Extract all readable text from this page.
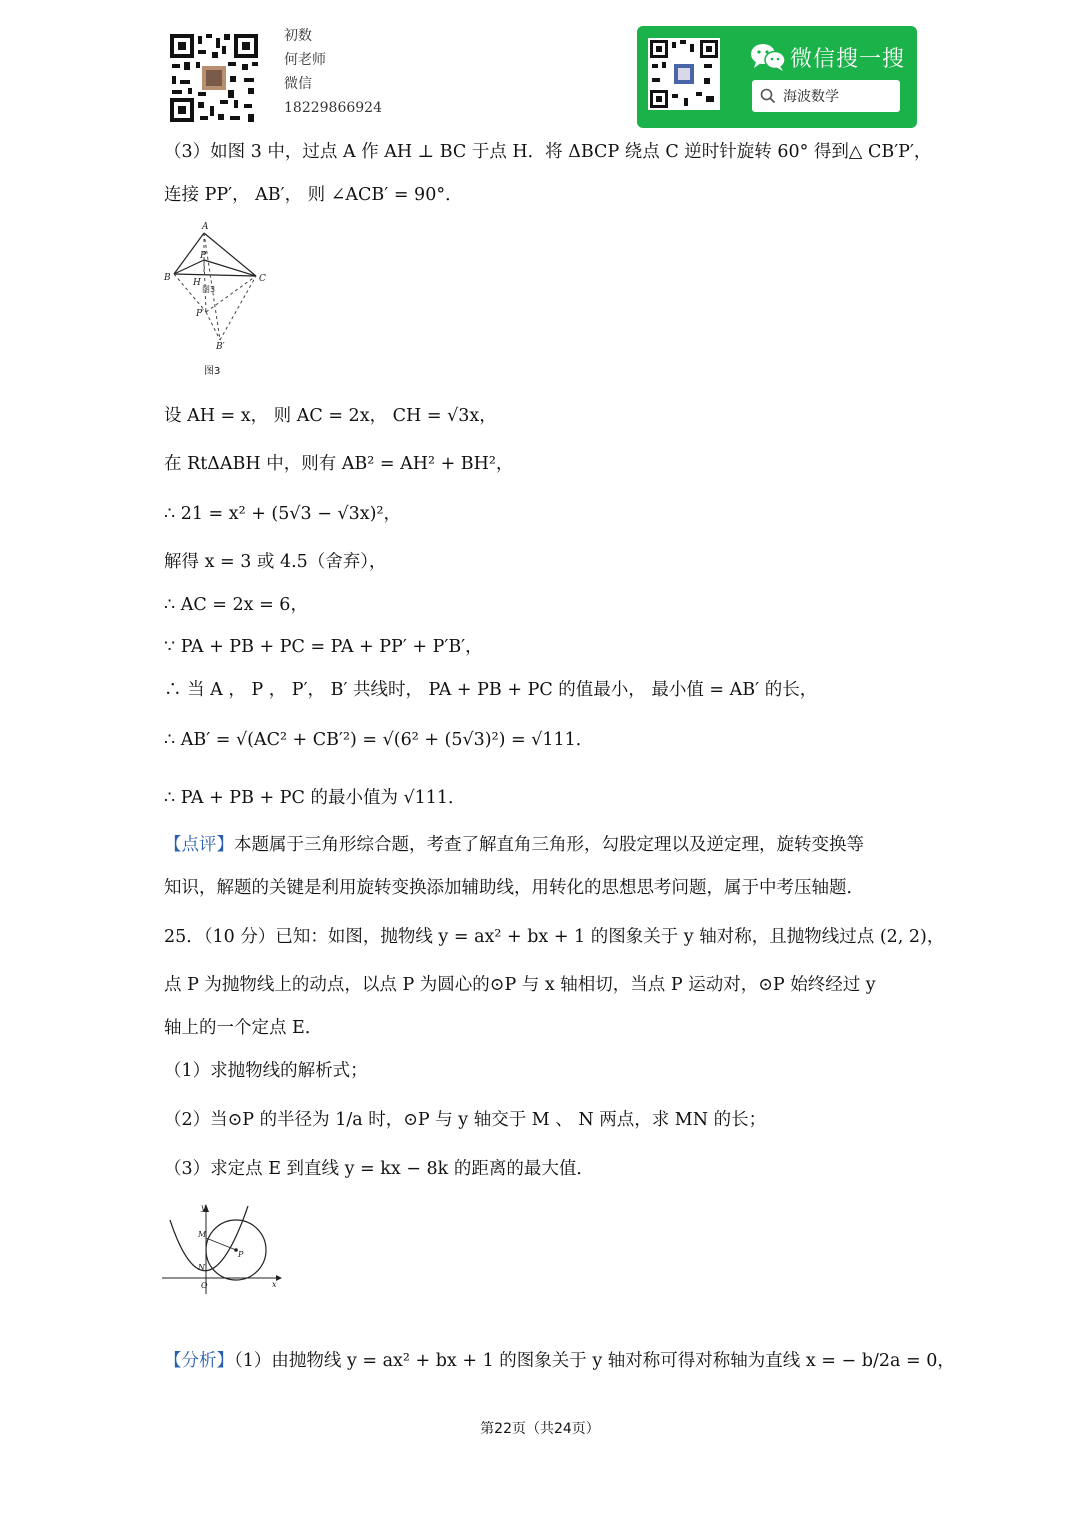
初数
何老师
微信
18229866924
微信搜一搜
海波数学
（3）如图 3 中，过点 A 作 AH ⊥ BC 于点 H．将 ΔBCP 绕点 C 逆时针旋转 60° 得到△ CB′P′，
连接 PP′， AB′， 则 ∠ACB′ = 90°．
A
P
B H	C
P′
B′
图3
图3
设 AH = x， 则 AC = 2x， CH = √3x，
在 RtΔABH 中，则有 AB² = AH² + BH²，
∴ 21 = x² + (5√3 − √3x)²，
解得 x = 3 或 4.5（舍弃），
∴ AC = 2x = 6，
∵ PA + PB + PC = PA + PP′ + P′B′，
∴ 当 A ， P ， P′， B′ 共线时， PA + PB + PC 的值最小， 最小值 = AB′ 的长，
∴ AB′ = √(AC² + CB′²) = √(6² + (5√3)²) = √111．
∴ PA + PB + PC 的最小值为 √111．
【点评】本题属于三角形综合题，考查了解直角三角形，勾股定理以及逆定理，旋转变换等
知识，解题的关键是利用旋转变换添加辅助线，用转化的思想思考问题，属于中考压轴题．
25．（10 分）已知：如图，抛物线 y = ax² + bx + 1 的图象关于 y 轴对称，且抛物线过点 (2, 2)，
点 P 为抛物线上的动点，以点 P 为圆心的⊙P 与 x 轴相切，当点 P 运动对，⊙P 始终经过 y
轴上的一个定点 E．
（1）求抛物线的解析式；
（2）当⊙P 的半径为 1/a 时，⊙P 与 y 轴交于 M 、 N 两点，求 MN 的长；
（3）求定点 E 到直线 y = kx − 8k 的距离的最大值．
y
M
P
N
O	x
【分析】（1）由抛物线 y = ax² + bx + 1 的图象关于 y 轴对称可得对称轴为直线 x = − b/2a = 0，
第22页（共24页）
